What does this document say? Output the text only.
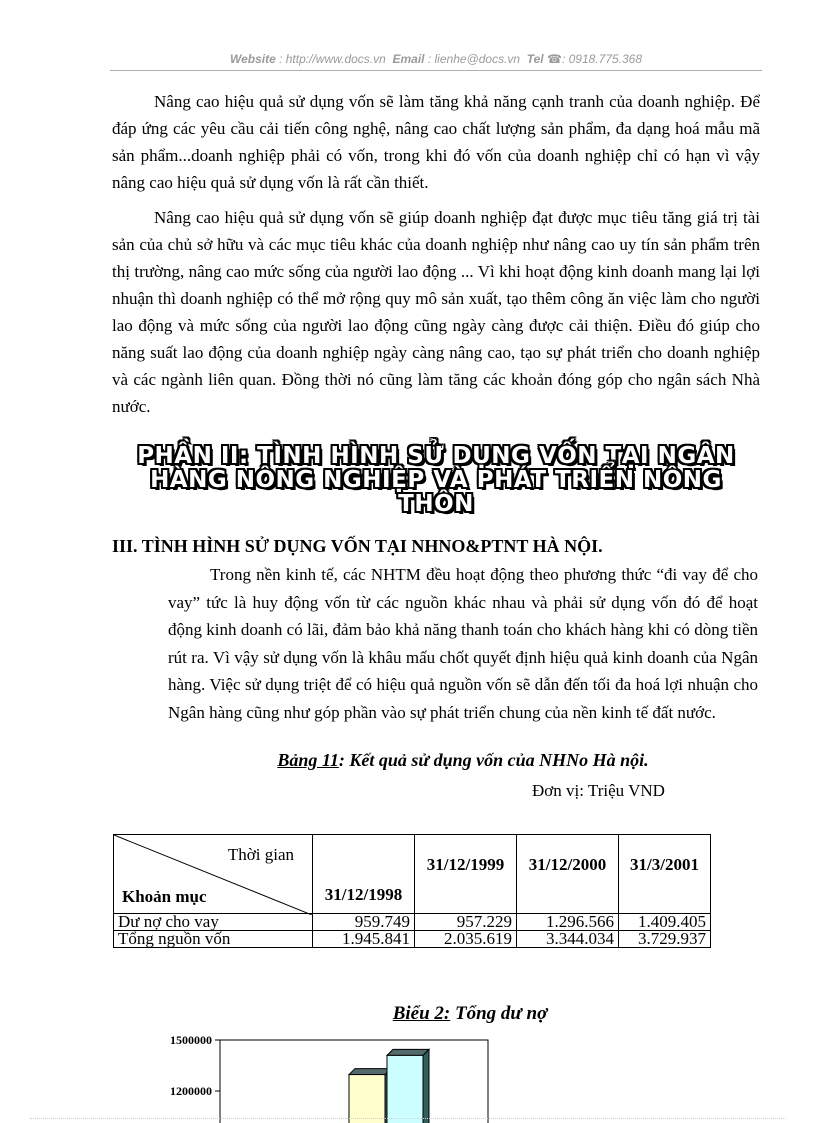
Website : http://www.docs.vn Email : lienhe@docs.vn Tel ☎: 0918.775.368

Nâng cao hiệu quả sử dụng vốn sẽ làm tăng khả năng cạnh tranh của doanh nghiệp. Để đáp ứng các yêu cầu cải tiến công nghệ, nâng cao chất lượng sản phẩm, đa dạng hoá mẫu mã sản phẩm...doanh nghiệp phải có vốn, trong khi đó vốn của doanh nghiệp chỉ có hạn vì vậy nâng cao hiệu quả sử dụng vốn là rất cần thiết.

Nâng cao hiệu quả sử dụng vốn sẽ giúp doanh nghiệp đạt được mục tiêu tăng giá trị tài sản của chủ sở hữu và các mục tiêu khác của doanh nghiệp như nâng cao uy tín sản phẩm trên thị trường, nâng cao mức sống của người lao động ... Vì khi hoạt động kinh doanh mang lại lợi nhuận thì doanh nghiệp có thể mở rộng quy mô sản xuất, tạo thêm công ăn việc làm cho người lao động và mức sống của người lao động cũng ngày càng được cải thiện. Điều đó giúp cho năng suất lao động của doanh nghiệp ngày càng nâng cao, tạo sự phát triển cho doanh nghiệp và các ngành liên quan. Đồng thời nó cũng làm tăng các khoản đóng góp cho ngân sách Nhà nước.

PHẦN II: TÌNH HÌNH SỬ DỤNG VỐN TẠI NGÂN
HÀNG NÔNG NGHIỆP VÀ PHÁT TRIỂN NÔNG
THÔN
III. TÌNH HÌNH SỬ DỤNG VỐN TẠI NHNO&PTNT HÀ NỘI.

Trong nền kinh tế, các NHTM đều hoạt động theo phương thức “đi vay để cho vay” tức là huy động vốn từ các nguồn khác nhau và phải sử dụng vốn đó để hoạt động kinh doanh có lãi, đảm bảo khả năng thanh toán cho khách hàng khi có dòng tiền rút ra. Vì vậy sử dụng vốn là khâu mấu chốt quyết định hiệu quả kinh doanh của Ngân hàng. Việc sử dụng triệt để có hiệu quả nguồn vốn sẽ dẫn đến tối đa hoá lợi nhuận cho Ngân hàng cũng như góp phần vào sự phát triển chung của nền kinh tế đất nước.

Bảng 11: Kết quả sử dụng vốn của NHNo Hà nội.
Đơn vị: Triệu VND
Thời gian
Khoản mục	31/12/1998	31/12/1999	31/12/2000	31/3/2001
Dư nợ cho vay	959.749	957.229	1.296.566	1.409.405
Tổng nguồn vốn	1.945.841	2.035.619	3.344.034	3.729.937
Biểu 2: Tổng dư nợ
1500000
1200000
